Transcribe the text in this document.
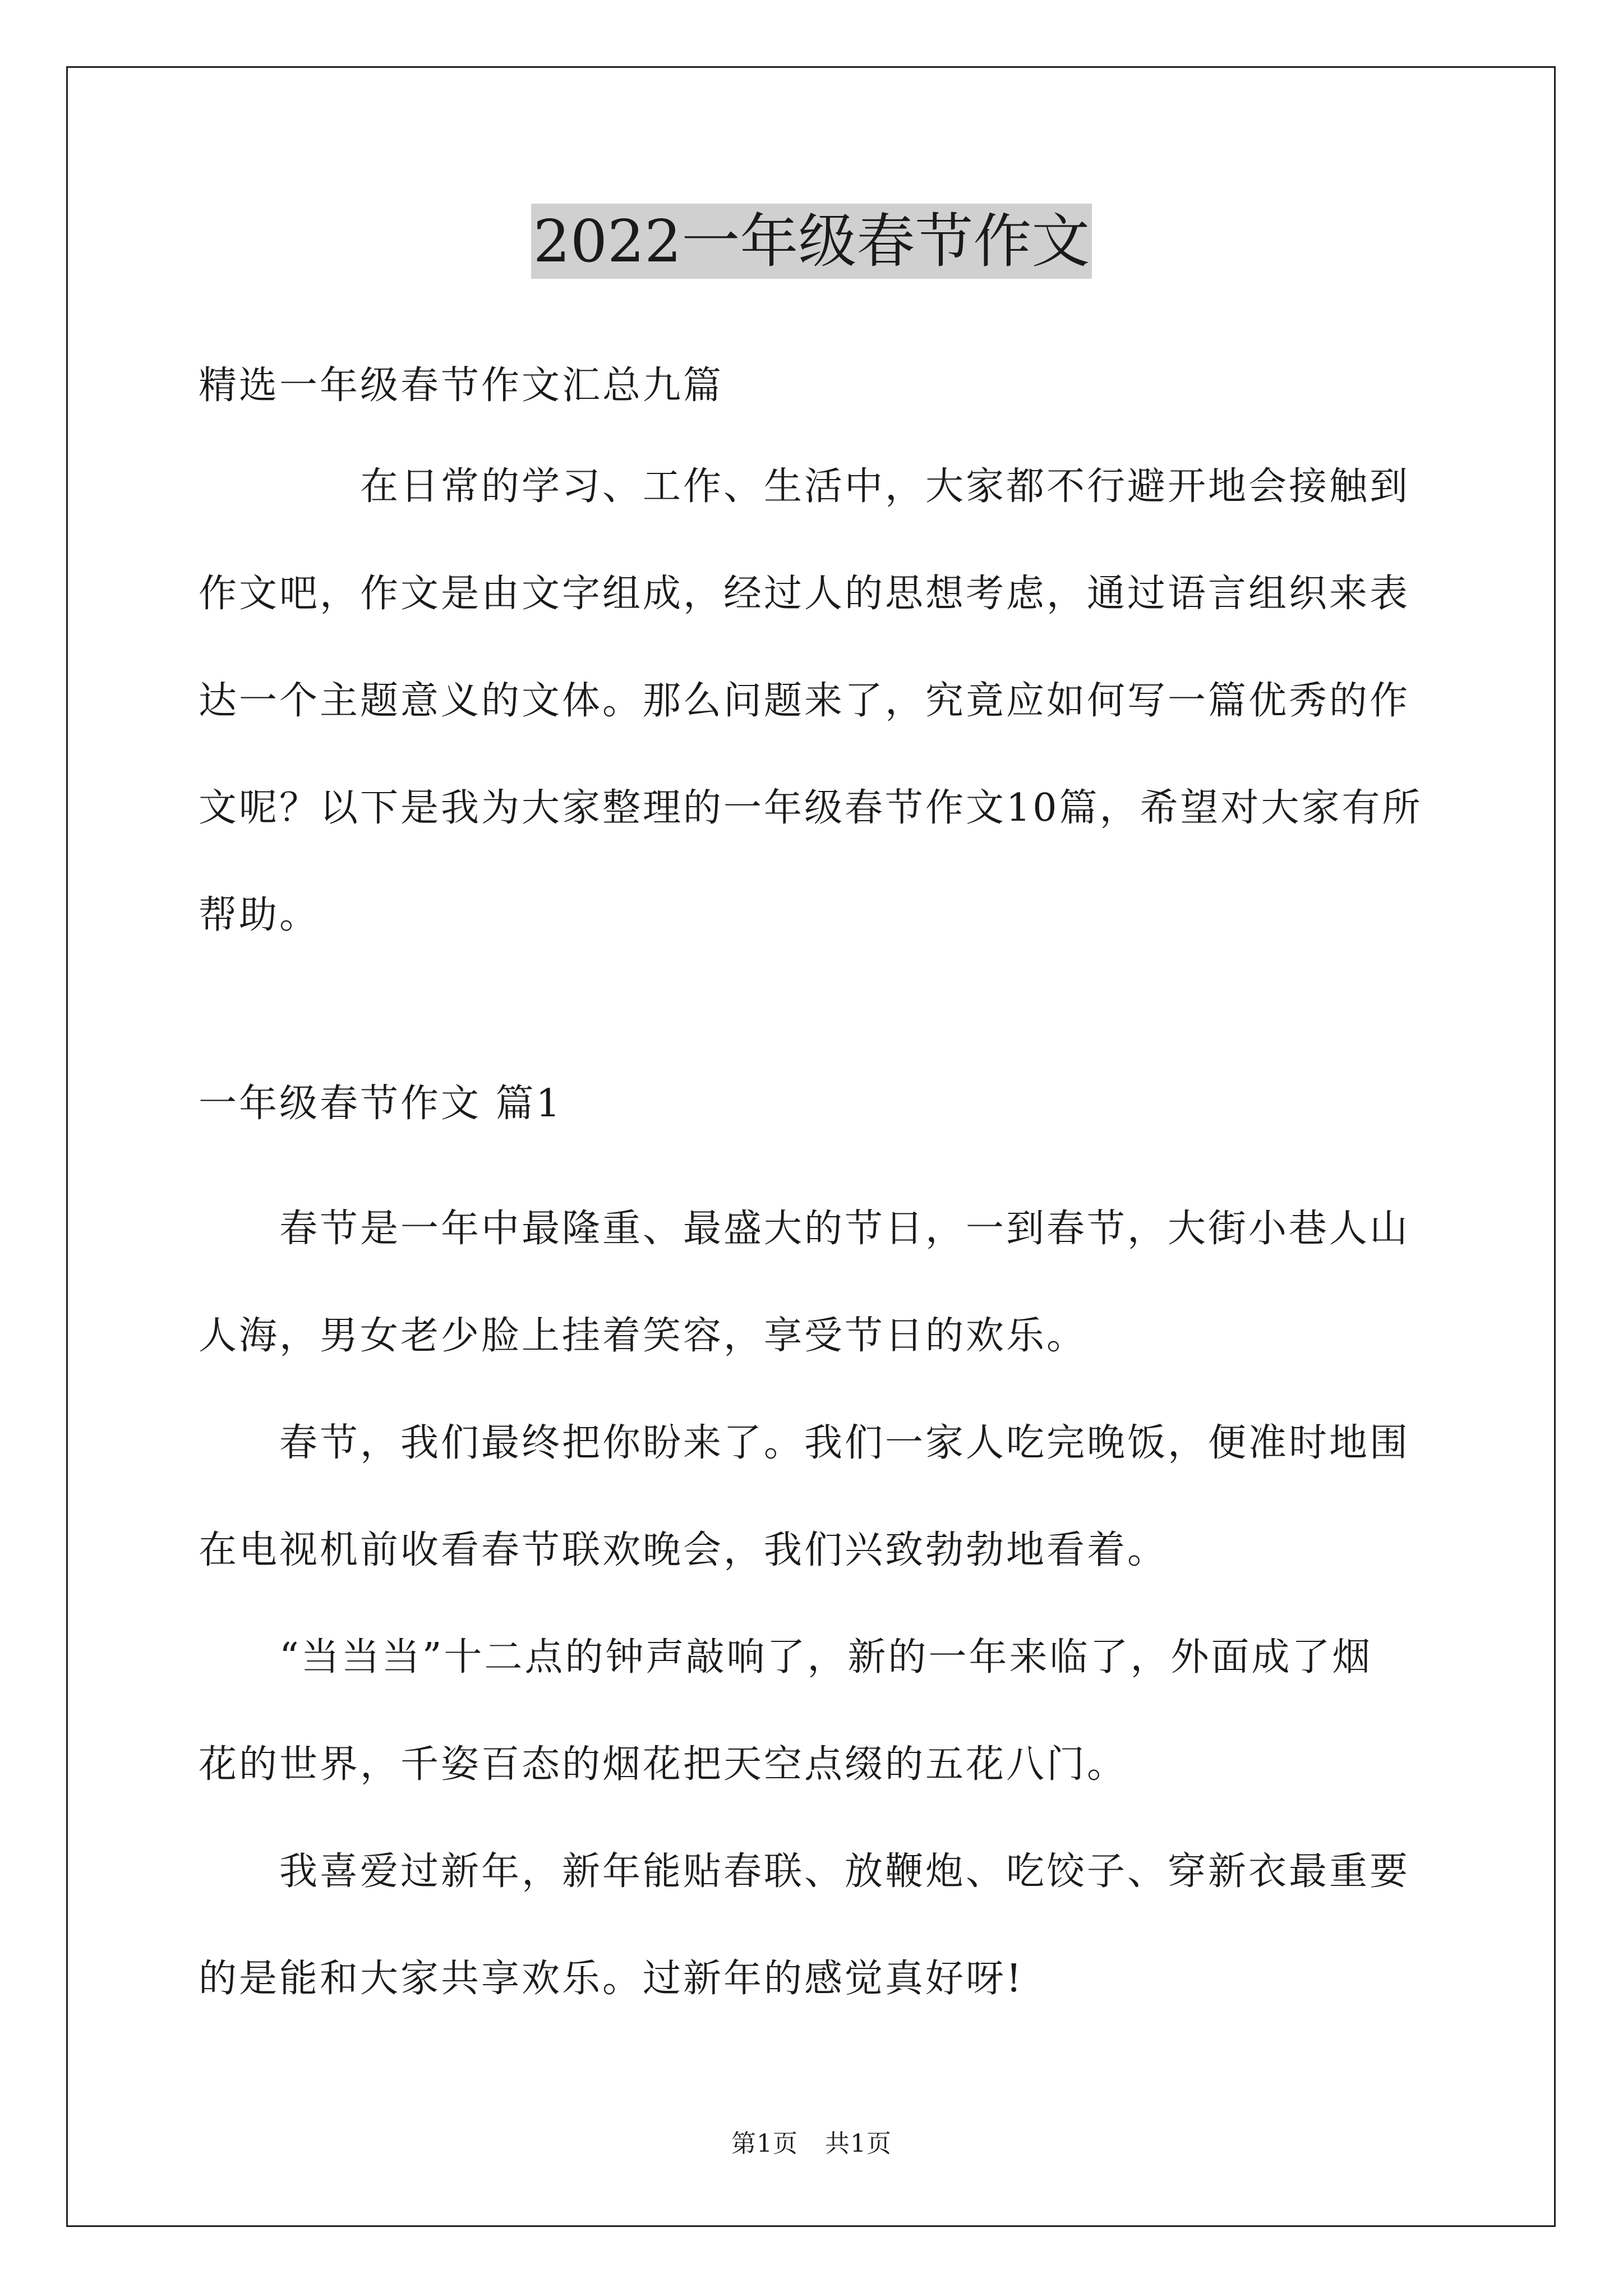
2022一年级春节作文
精选一年级春节作文汇总九篇
　　　　在日常的学习、工作、生活中，大家都不行避开地会接触到
作文吧，作文是由文字组成，经过人的思想考虑，通过语言组织来表
达一个主题意义的文体。那么问题来了，究竟应如何写一篇优秀的作
文呢？以下是我为大家整理的一年级春节作文10篇，希望对大家有所
帮助。
一年级春节作文 篇1
　　春节是一年中最隆重、最盛大的节日，一到春节，大街小巷人山
人海，男女老少脸上挂着笑容，享受节日的欢乐。
　　春节，我们最终把你盼来了。我们一家人吃完晚饭，便准时地围
在电视机前收看春节联欢晚会，我们兴致勃勃地看着。
　　“当当当”十二点的钟声敲响了，新的一年来临了，外面成了烟
花的世界，千姿百态的烟花把天空点缀的五花八门。
　　我喜爱过新年，新年能贴春联、放鞭炮、吃饺子、穿新衣最重要
的是能和大家共享欢乐。过新年的感觉真好呀!
第1页 共1页
